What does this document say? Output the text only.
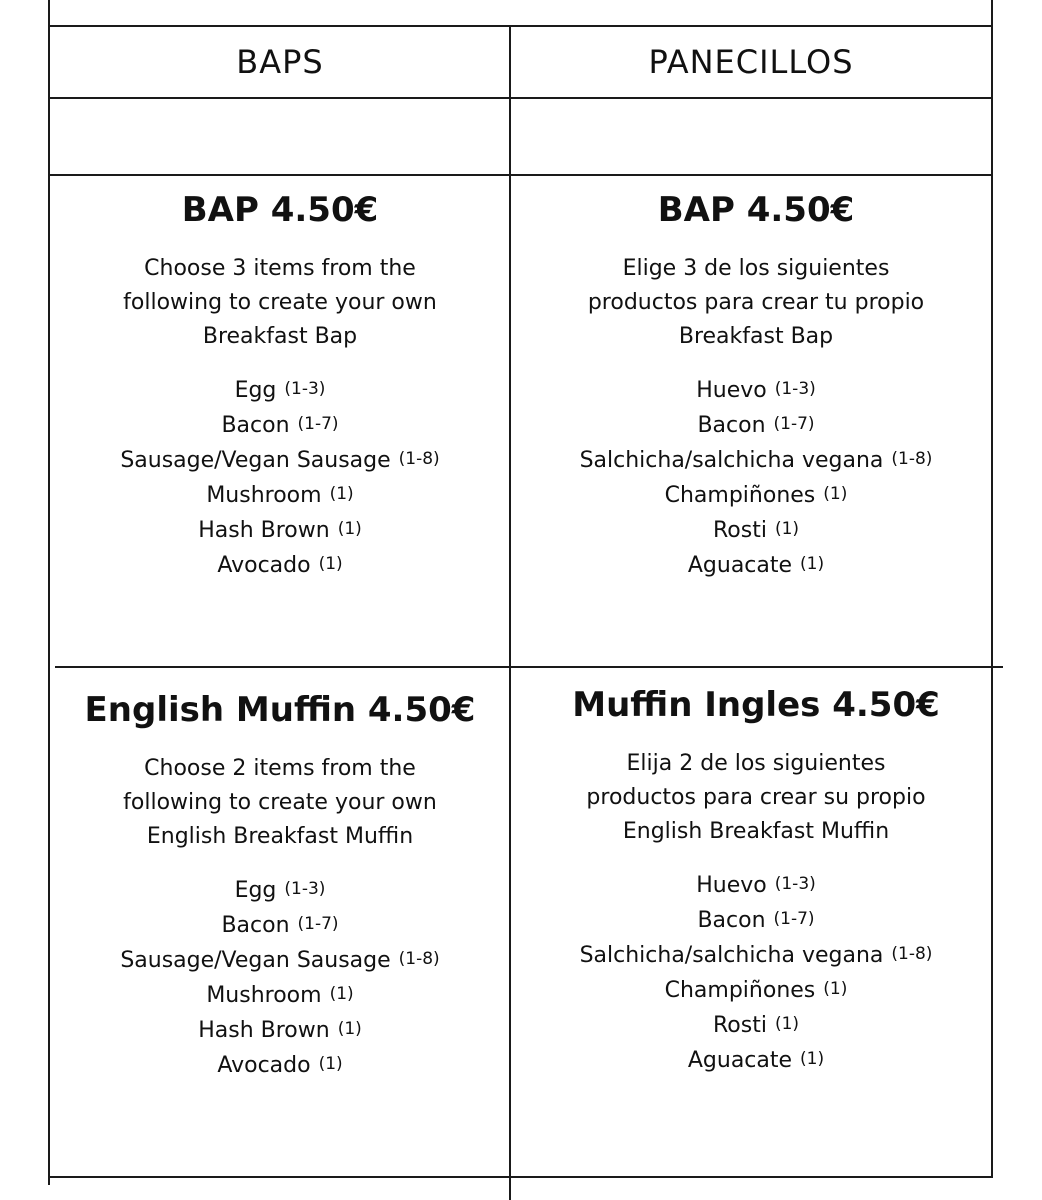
BAPS	PANECILLOS
BAP 4.50€
Choose 3 items from the
following to create your own
Breakfast Bap
Egg (1-3)
Bacon (1-7)
Sausage/Vegan Sausage (1-8)
Mushroom (1)
Hash Brown (1)
Avocado (1)
BAP 4.50€
Elige 3 de los siguientes
productos para crear tu propio
Breakfast Bap
Huevo (1-3)
Bacon (1-7)
Salchicha/salchicha vegana (1-8)
Champiñones (1)
Rosti (1)
Aguacate (1)
English Muffin 4.50€
Choose 2 items from the
following to create your own
English Breakfast Muffin
Egg (1-3)
Bacon (1-7)
Sausage/Vegan Sausage (1-8)
Mushroom (1)
Hash Brown (1)
Avocado (1)
Muffin Ingles 4.50€
Elija 2 de los siguientes
productos para crear su propio
English Breakfast Muffin
Huevo (1-3)
Bacon (1-7)
Salchicha/salchicha vegana (1-8)
Champiñones (1)
Rosti (1)
Aguacate (1)
